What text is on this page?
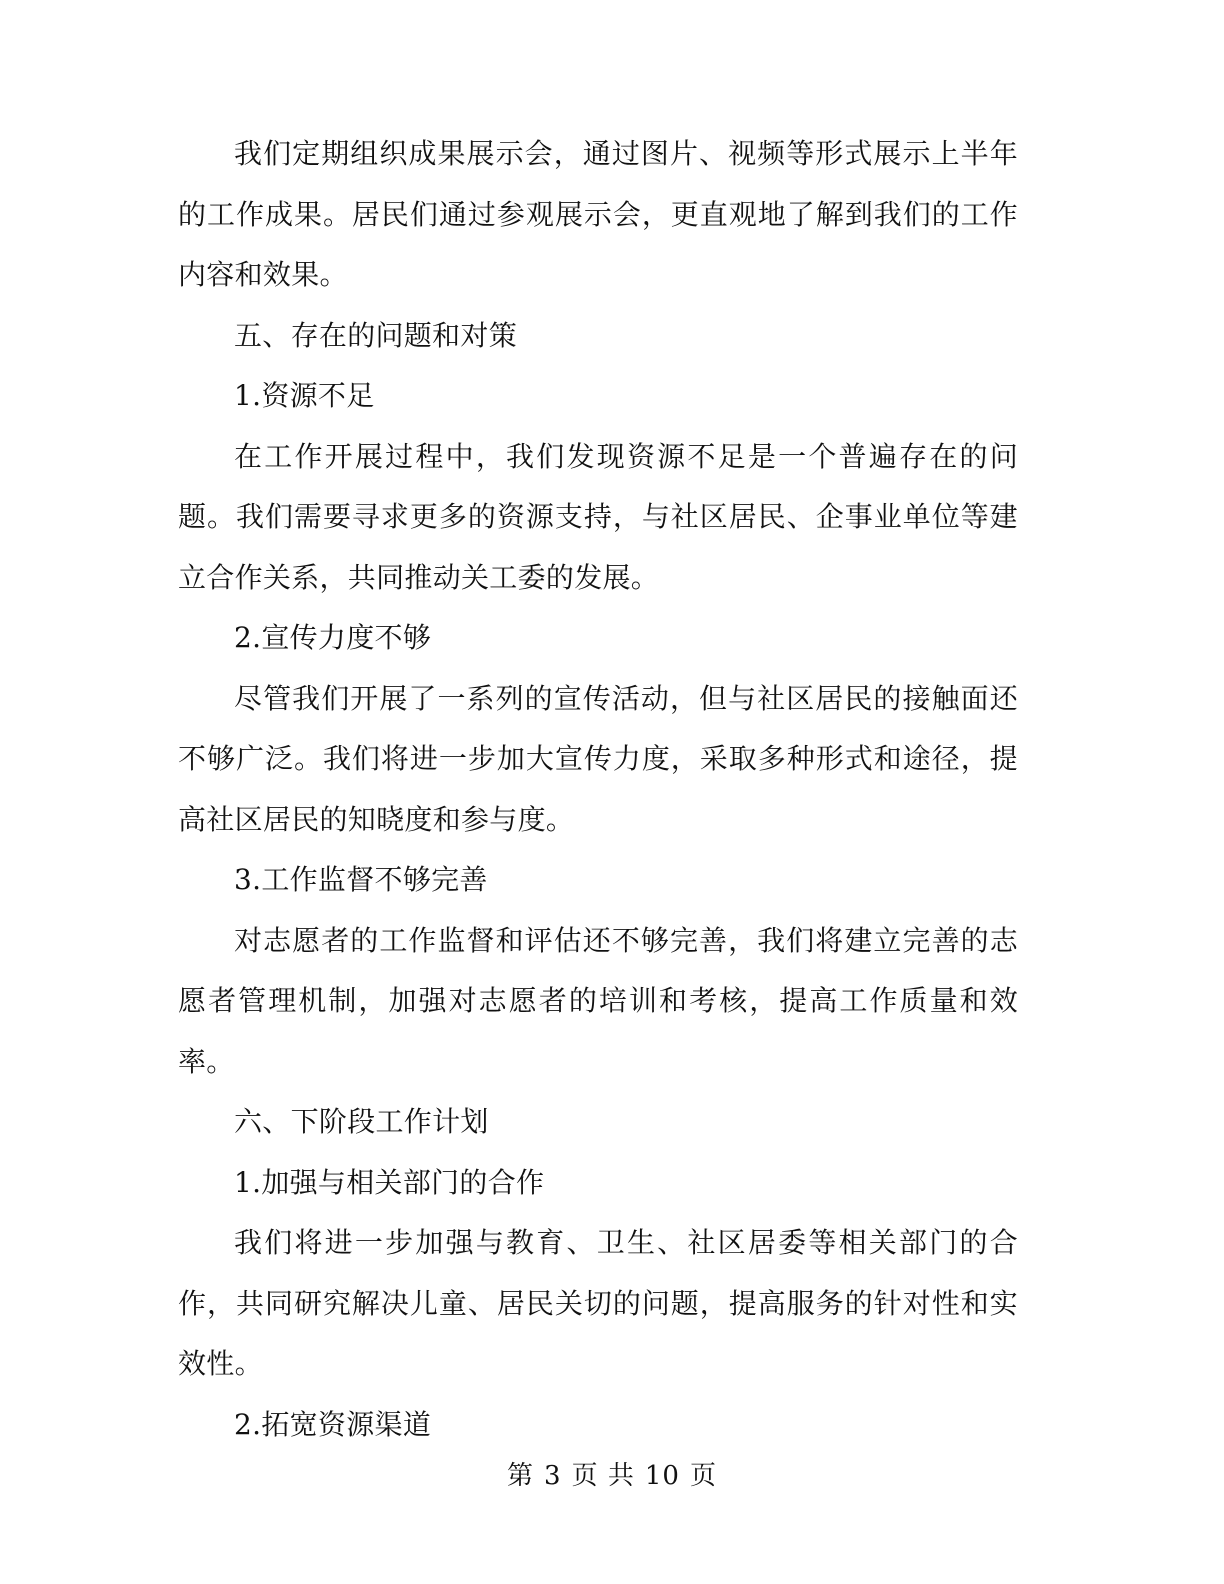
我们定期组织成果展示会，通过图片、视频等形式展示上半年的工作成果。居民们通过参观展示会，更直观地了解到我们的工作内容和效果。

五、存在的问题和对策

1.资源不足

在工作开展过程中，我们发现资源不足是一个普遍存在的问题。我们需要寻求更多的资源支持，与社区居民、企事业单位等建立合作关系，共同推动关工委的发展。

2.宣传力度不够

尽管我们开展了一系列的宣传活动，但与社区居民的接触面还不够广泛。我们将进一步加大宣传力度，采取多种形式和途径，提高社区居民的知晓度和参与度。

3.工作监督不够完善

对志愿者的工作监督和评估还不够完善，我们将建立完善的志愿者管理机制，加强对志愿者的培训和考核，提高工作质量和效率。

六、下阶段工作计划

1.加强与相关部门的合作

我们将进一步加强与教育、卫生、社区居委等相关部门的合作，共同研究解决儿童、居民关切的问题，提高服务的针对性和实效性。

2.拓宽资源渠道

第 3 页 共 10 页
